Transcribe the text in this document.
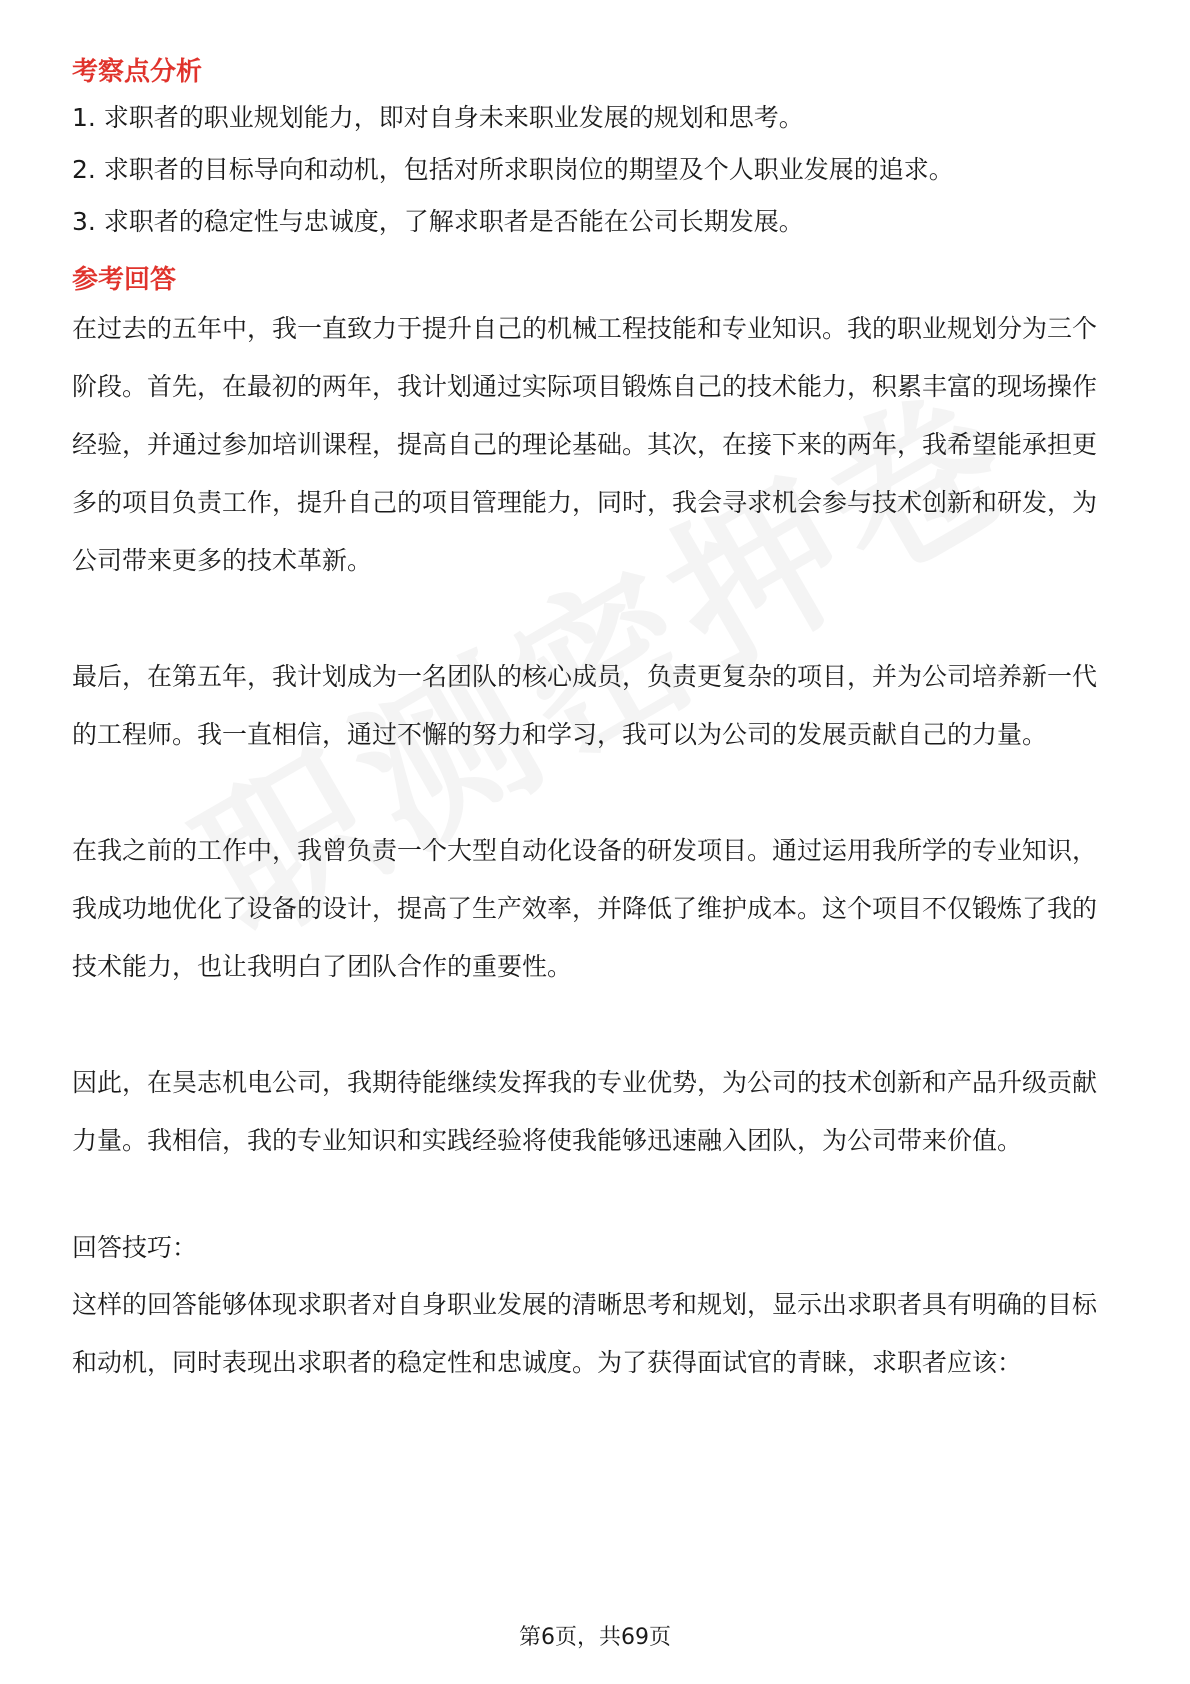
考察点分析

1. 求职者的职业规划能力，即对自身未来职业发展的规划和思考。

2. 求职者的目标导向和动机，包括对所求职岗位的期望及个人职业发展的追求。

3. 求职者的稳定性与忠诚度，了解求职者是否能在公司长期发展。

参考回答

在过去的五年中，我一直致力于提升自己的机械工程技能和专业知识。我的职业规划分为三个阶段。首先，在最初的两年，我计划通过实际项目锻炼自己的技术能力，积累丰富的现场操作经验，并通过参加培训课程，提高自己的理论基础。其次，在接下来的两年，我希望能承担更多的项目负责工作，提升自己的项目管理能力，同时，我会寻求机会参与技术创新和研发，为公司带来更多的技术革新。

最后，在第五年，我计划成为一名团队的核心成员，负责更复杂的项目，并为公司培养新一代的工程师。我一直相信，通过不懈的努力和学习，我可以为公司的发展贡献自己的力量。

在我之前的工作中，我曾负责一个大型自动化设备的研发项目。通过运用我所学的专业知识，我成功地优化了设备的设计，提高了生产效率，并降低了维护成本。这个项目不仅锻炼了我的技术能力，也让我明白了团队合作的重要性。

因此，在昊志机电公司，我期待能继续发挥我的专业优势，为公司的技术创新和产品升级贡献力量。我相信，我的专业知识和实践经验将使我能够迅速融入团队，为公司带来价值。

回答技巧：

这样的回答能够体现求职者对自身职业发展的清晰思考和规划，显示出求职者具有明确的目标和动机，同时表现出求职者的稳定性和忠诚度。为了获得面试官的青睐，求职者应该：

第6页，共69页
